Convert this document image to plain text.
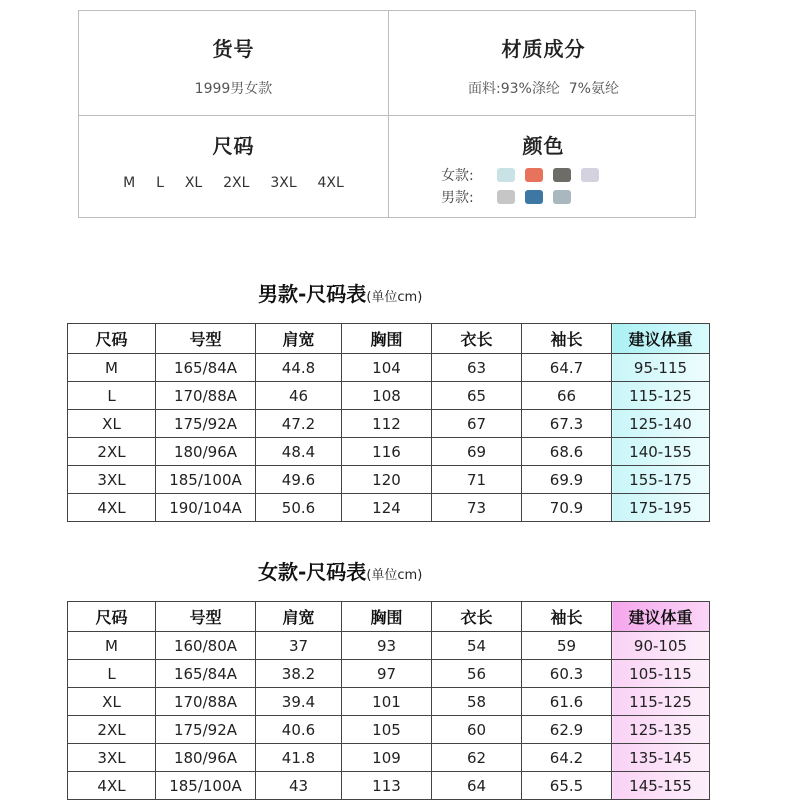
货号
1999男女款
材质成分
面料:93%涤纶  7%氨纶
尺码
M  L  XL  2XL  3XL  4XL
颜色
女款:
男款:
男款-尺码表(单位cm)
尺码	号型	肩宽	胸围	衣长	袖长	建议体重
M	165/84A	44.8	104	63	64.7	95-115
L	170/88A	46	108	65	66	115-125
XL	175/92A	47.2	112	67	67.3	125-140
2XL	180/96A	48.4	116	69	68.6	140-155
3XL	185/100A	49.6	120	71	69.9	155-175
4XL	190/104A	50.6	124	73	70.9	175-195
女款-尺码表(单位cm)
尺码	号型	肩宽	胸围	衣长	袖长	建议体重
M	160/80A	37	93	54	59	90-105
L	165/84A	38.2	97	56	60.3	105-115
XL	170/88A	39.4	101	58	61.6	115-125
2XL	175/92A	40.6	105	60	62.9	125-135
3XL	180/96A	41.8	109	62	64.2	135-145
4XL	185/100A	43	113	64	65.5	145-155
